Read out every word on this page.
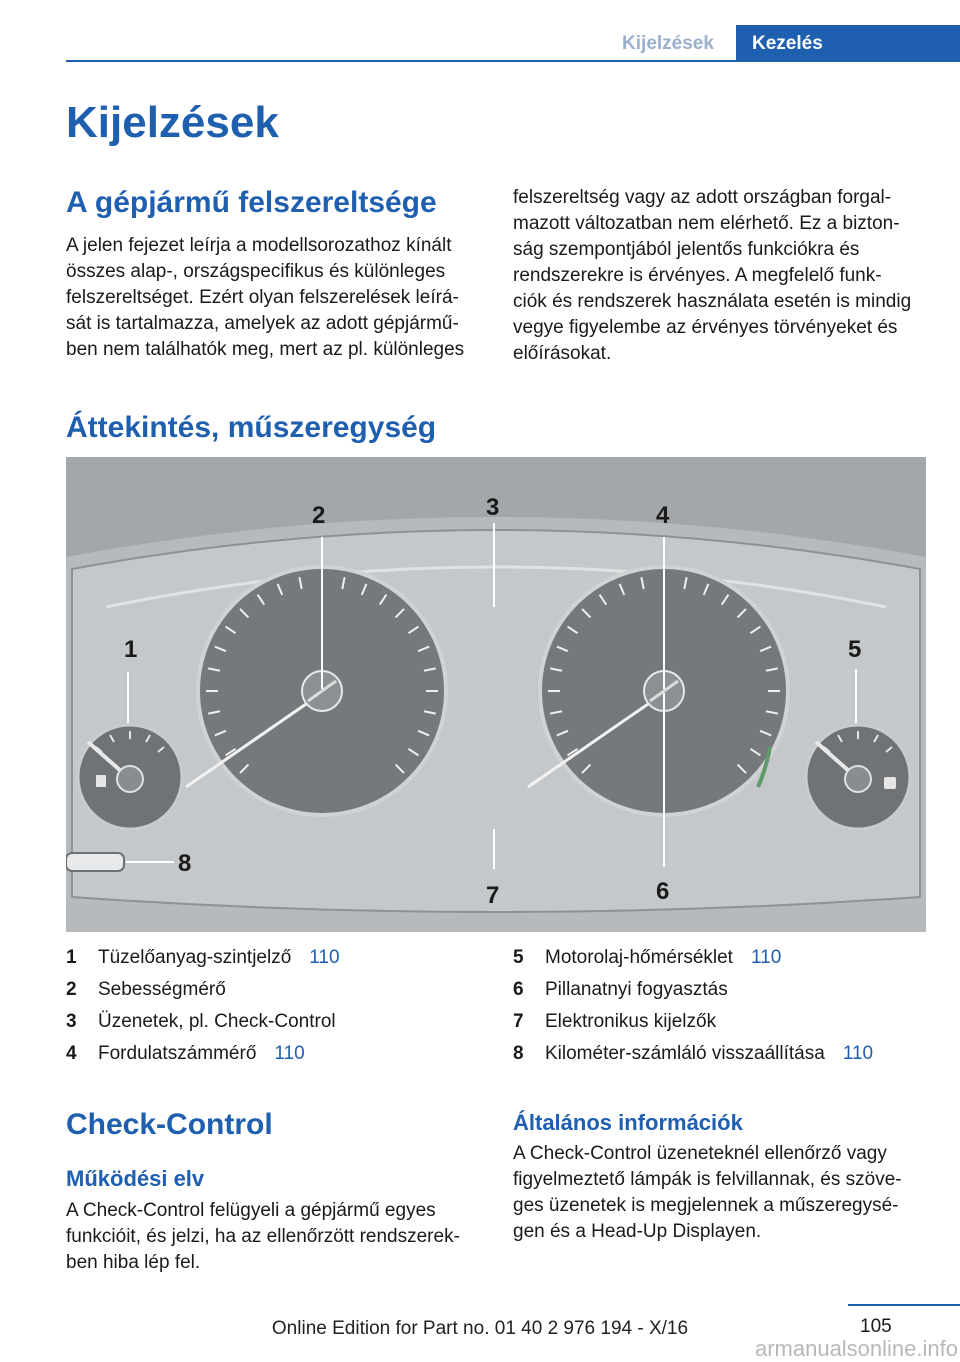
Kijelzések	Kezelés
Kijelzések
A gépjármű felszereltsége

A jelen fejezet leírja a modellsorozathoz kínált
összes alap-, országspecifikus és különleges
felszereltséget. Ezért olyan felszerelések leírá-
sát is tartalmazza, amelyek az adott gépjármű-
ben nem találhatók meg, mert az pl. különleges

felszereltség vagy az adott országban forgal-
mazott változatban nem elérhető. Ez a bizton-
ság szempontjából jelentős funkciókra és
rendszerekre is érvényes. A megfelelő funk-
ciók és rendszerek használata esetén is mindig
vegye figyelembe az érvényes törvényeket és
előírásokat.

Áttekintés, műszeregység
1
2	3	4
5
6
7
8
1	Tüzelőanyag-szintjelző 110
2	Sebességmérő
3	Üzenetek, pl. Check-Control
4	Fordulatszámmérő 110
5	Motorolaj-hőmérséklet 110
6	Pillanatnyi fogyasztás
7	Elektronikus kijelzők
8	Kilométer-számláló visszaállítása 110
Check-Control
Működési elv

A Check-Control felügyeli a gépjármű egyes
funkcióit, és jelzi, ha az ellenőrzött rendszerek-
ben hiba lép fel.

Általános információk

A Check-Control üzeneteknél ellenőrző vagy
figyelmeztető lámpák is felvillannak, és szöve-
ges üzenetek is megjelennek a műszeregysé-
gen és a Head-Up Displayen.

105
Online Edition for Part no. 01 40 2 976 194 - X/16
armanualsonline.info
